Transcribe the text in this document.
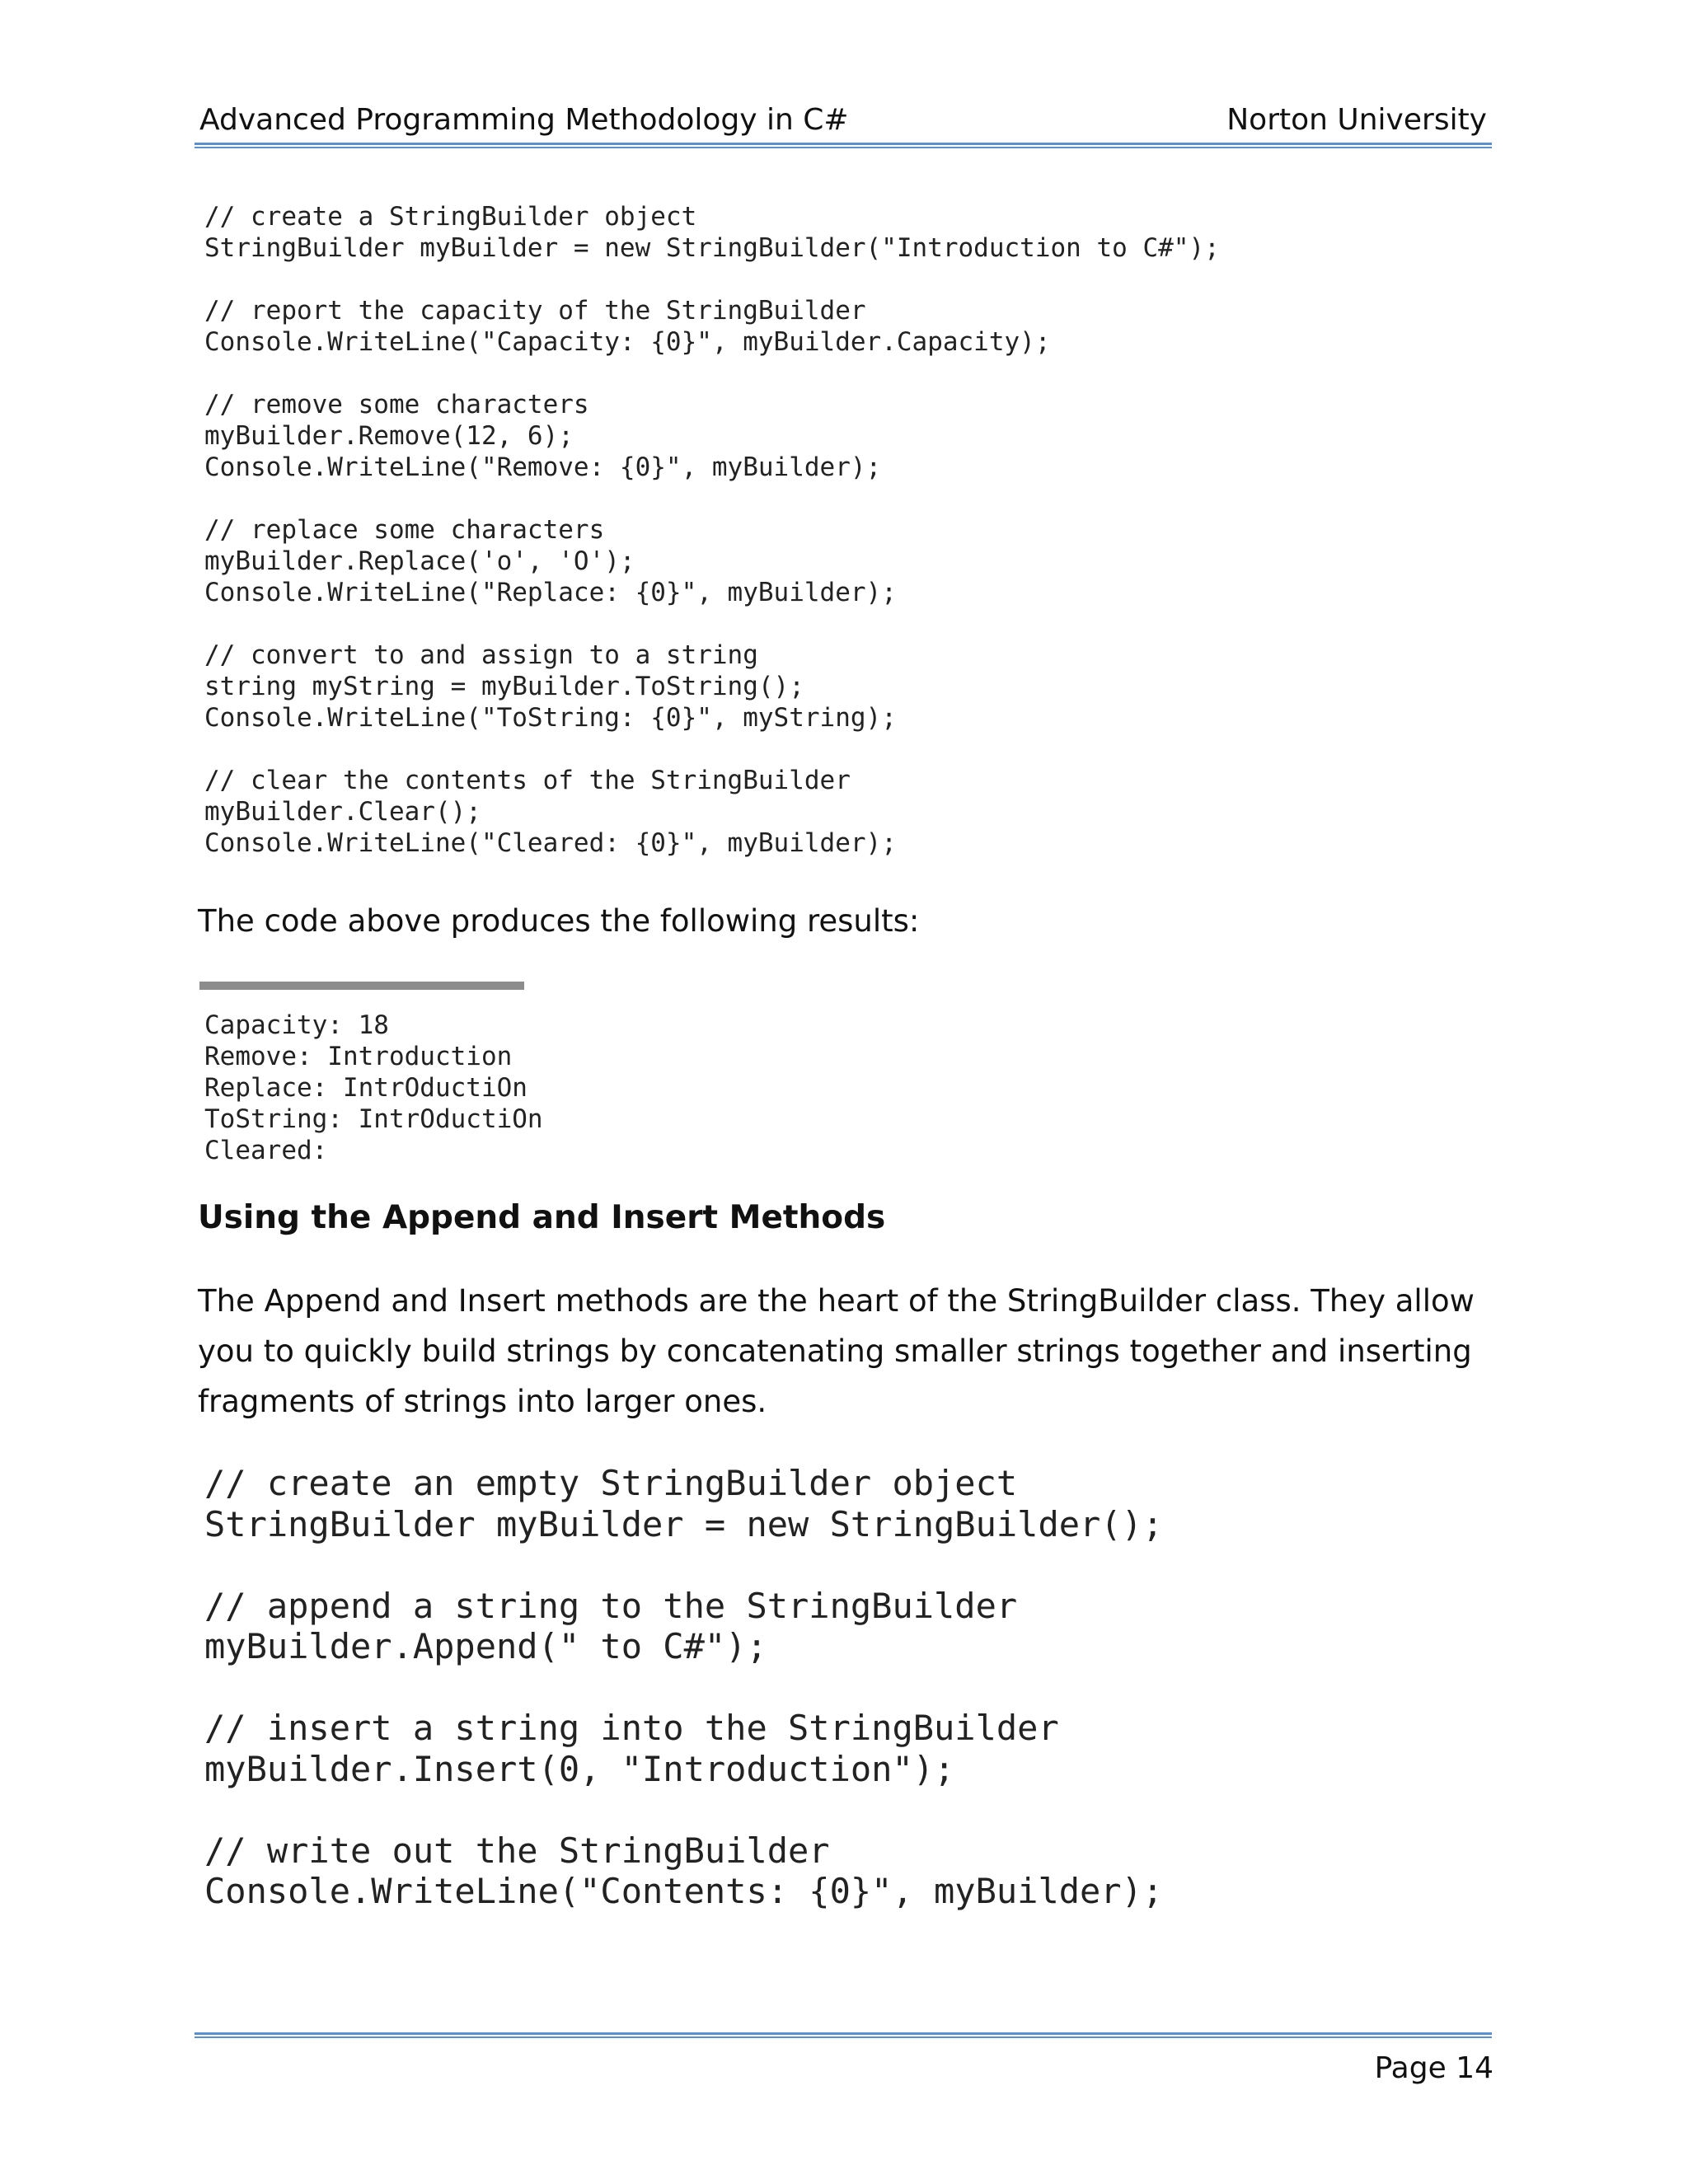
Advanced Programming Methodology in C#	Norton University
// create a StringBuilder object
StringBuilder myBuilder = new StringBuilder("Introduction to C#");

// report the capacity of the StringBuilder
Console.WriteLine("Capacity: {0}", myBuilder.Capacity);

// remove some characters
myBuilder.Remove(12, 6);
Console.WriteLine("Remove: {0}", myBuilder);

// replace some characters
myBuilder.Replace('o', 'O');
Console.WriteLine("Replace: {0}", myBuilder);

// convert to and assign to a string
string myString = myBuilder.ToString();
Console.WriteLine("ToString: {0}", myString);

// clear the contents of the StringBuilder
myBuilder.Clear();
Console.WriteLine("Cleared: {0}", myBuilder);

The code above produces the following results:

Capacity: 18
Remove: Introduction
Replace: IntrOductiOn
ToString: IntrOductiOn
Cleared:
Using the Append and Insert Methods

The Append and Insert methods are the heart of the StringBuilder class. They allow you to quickly build strings by concatenating smaller strings together and inserting fragments of strings into larger ones.

// create an empty StringBuilder object
StringBuilder myBuilder = new StringBuilder();

// append a string to the StringBuilder
myBuilder.Append(" to C#");

// insert a string into the StringBuilder
myBuilder.Insert(0, "Introduction");

// write out the StringBuilder
Console.WriteLine("Contents: {0}", myBuilder);
Page 14
